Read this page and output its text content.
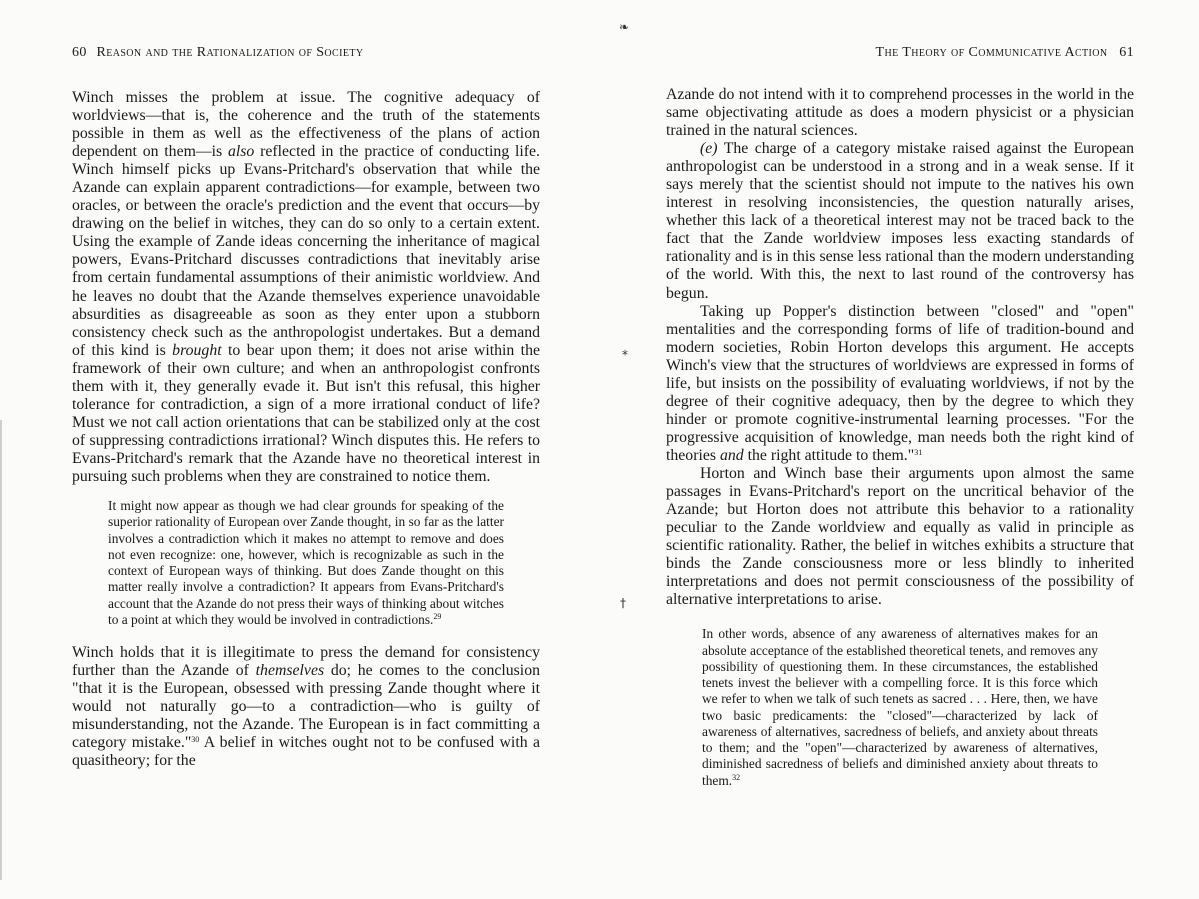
❧
⁎
†
60 Reason and the Rationalization of Society

Winch misses the problem at issue. The cognitive adequacy of worldviews—that is, the coherence and the truth of the statements possible in them as well as the effectiveness of the plans of action dependent on them—is also reflected in the practice of conducting life. Winch himself picks up Evans-Pritchard's observation that while the Azande can explain apparent contradictions—for example, between two oracles, or between the oracle's prediction and the event that occurs—by drawing on the belief in witches, they can do so only to a certain extent. Using the example of Zande ideas concerning the inheritance of magical powers, Evans-Pritchard discusses contradictions that inevitably arise from certain fundamental assumptions of their animistic worldview. And he leaves no doubt that the Azande themselves experience unavoidable absurdities as disagreeable as soon as they enter upon a stubborn consistency check such as the anthropologist undertakes. But a demand of this kind is brought to bear upon them; it does not arise within the framework of their own culture; and when an anthropologist confronts them with it, they generally evade it. But isn't this refusal, this higher tolerance for contradiction, a sign of a more irrational conduct of life? Must we not call action orientations that can be stabilized only at the cost of suppressing contradictions irrational? Winch disputes this. He refers to Evans-Pritchard's remark that the Azande have no theoretical interest in pursuing such problems when they are constrained to notice them.

It might now appear as though we had clear grounds for speaking of the superior rationality of European over Zande thought, in so far as the latter involves a contradiction which it makes no attempt to remove and does not even recognize: one, however, which is recognizable as such in the context of European ways of thinking. But does Zande thought on this matter really involve a contradiction? It appears from Evans-Pritchard's account that the Azande do not press their ways of thinking about witches to a point at which they would be involved in contradictions.$^{29}$

Winch holds that it is illegitimate to press the demand for consistency further than the Azande of themselves do; he comes to the conclusion "that it is the European, obsessed with pressing Zande thought where it would not naturally go—to a contradiction—who is guilty of misunderstanding, not the Azande. The European is in fact committing a category mistake."$^{30}$ A belief in witches ought not to be confused with a quasitheory; for the

The Theory of Communicative Action 61

Azande do not intend with it to comprehend processes in the world in the same objectivating attitude as does a modern physicist or a physician trained in the natural sciences.

(e) The charge of a category mistake raised against the European anthropologist can be understood in a strong and in a weak sense. If it says merely that the scientist should not impute to the natives his own interest in resolving inconsistencies, the question naturally arises, whether this lack of a theoretical interest may not be traced back to the fact that the Zande worldview imposes less exacting standards of rationality and is in this sense less rational than the modern understanding of the world. With this, the next to last round of the controversy has begun.

Taking up Popper's distinction between "closed" and "open" mentalities and the corresponding forms of life of tradition-bound and modern societies, Robin Horton develops this argument. He accepts Winch's view that the structures of worldviews are expressed in forms of life, but insists on the possibility of evaluating worldviews, if not by the degree of their cognitive adequacy, then by the degree to which they hinder or promote cognitive-instrumental learning processes. "For the progressive acquisition of knowledge, man needs both the right kind of theories and the right attitude to them."$^{31}$

Horton and Winch base their arguments upon almost the same passages in Evans-Pritchard's report on the uncritical behavior of the Azande; but Horton does not attribute this behavior to a rationality peculiar to the Zande worldview and equally as valid in principle as scientific rationality. Rather, the belief in witches exhibits a structure that binds the Zande consciousness more or less blindly to inherited interpretations and does not permit consciousness of the possibility of alternative interpretations to arise.

In other words, absence of any awareness of alternatives makes for an absolute acceptance of the established theoretical tenets, and removes any possibility of questioning them. In these circumstances, the established tenets invest the believer with a compelling force. It is this force which we refer to when we talk of such tenets as sacred . . . Here, then, we have two basic predicaments: the "closed"—characterized by lack of awareness of alternatives, sacredness of beliefs, and anxiety about threats to them; and the "open"—characterized by awareness of alternatives, diminished sacredness of beliefs and diminished anxiety about threats to them.$^{32}$
